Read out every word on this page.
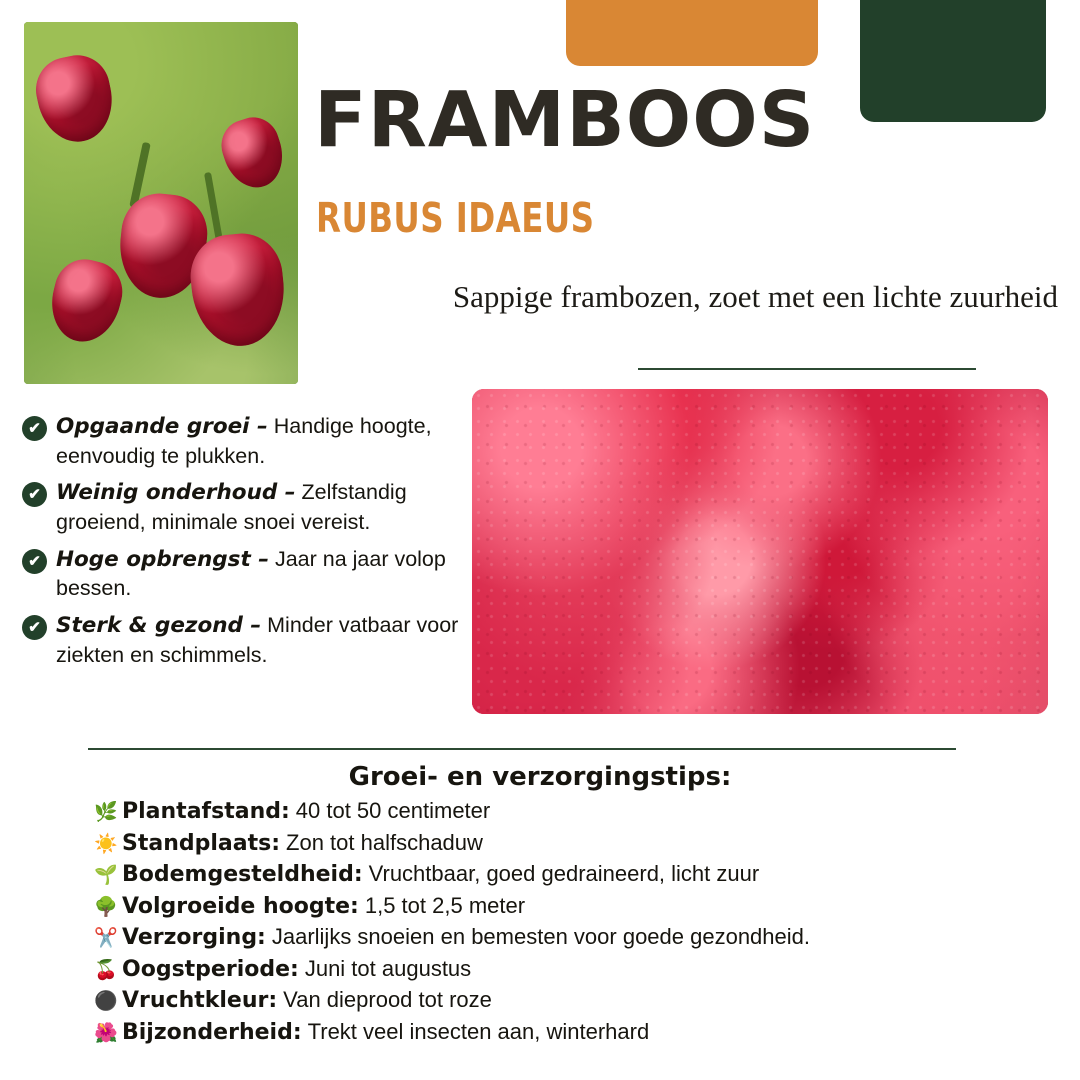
FRAMBOOS
RUBUS IDAEUS
Sappige frambozen, zoet met een lichte zuurheid
✔ Opgaande groei – Handige hoogte, eenvoudig te plukken.
✔ Weinig onderhoud – Zelfstandig groeiend, minimale snoei vereist.
✔ Hoge opbrengst – Jaar na jaar volop bessen.
✔ Sterk & gezond – Minder vatbaar voor ziekten en schimmels.
Groei- en verzorgingstips:
🌿 Plantafstand: 40 tot 50 centimeter
☀️ Standplaats: Zon tot halfschaduw
🌱 Bodemgesteldheid: Vruchtbaar, goed gedraineerd, licht zuur
🌳 Volgroeide hoogte: 1,5 tot 2,5 meter
✂️ Verzorging: Jaarlijks snoeien en bemesten voor goede gezondheid.
🍒 Oogstperiode: Juni tot augustus
⚫ Vruchtkleur: Van dieprood tot roze
🌺 Bijzonderheid: Trekt veel insecten aan, winterhard
